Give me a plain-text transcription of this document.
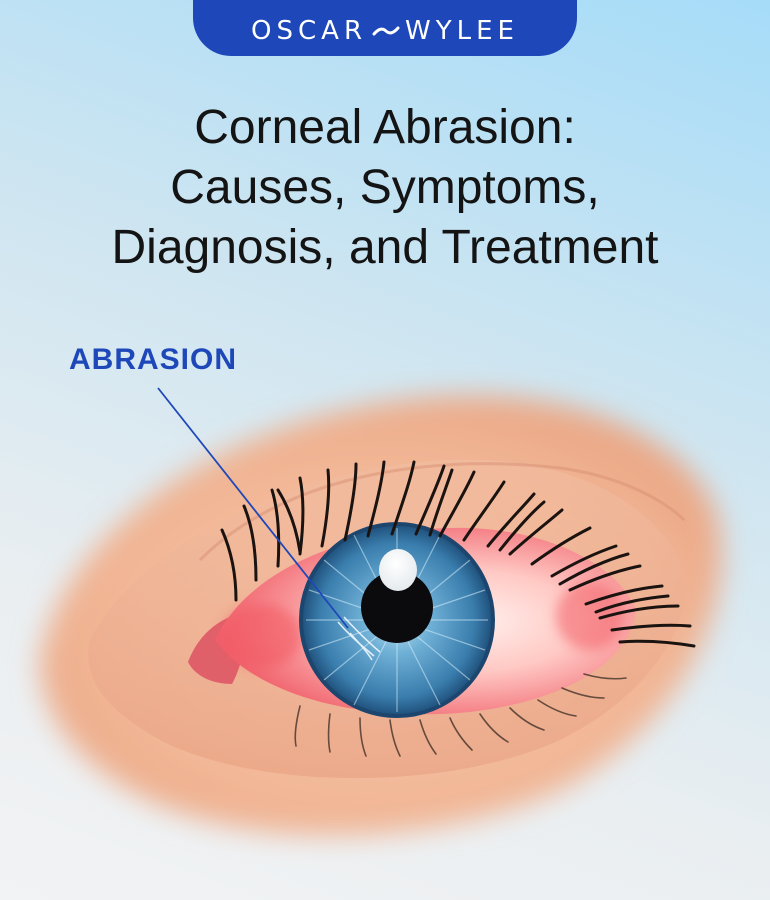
OSCAR WYLEE
Corneal Abrasion:
Causes, Symptoms,
Diagnosis, and Treatment
ABRASION
